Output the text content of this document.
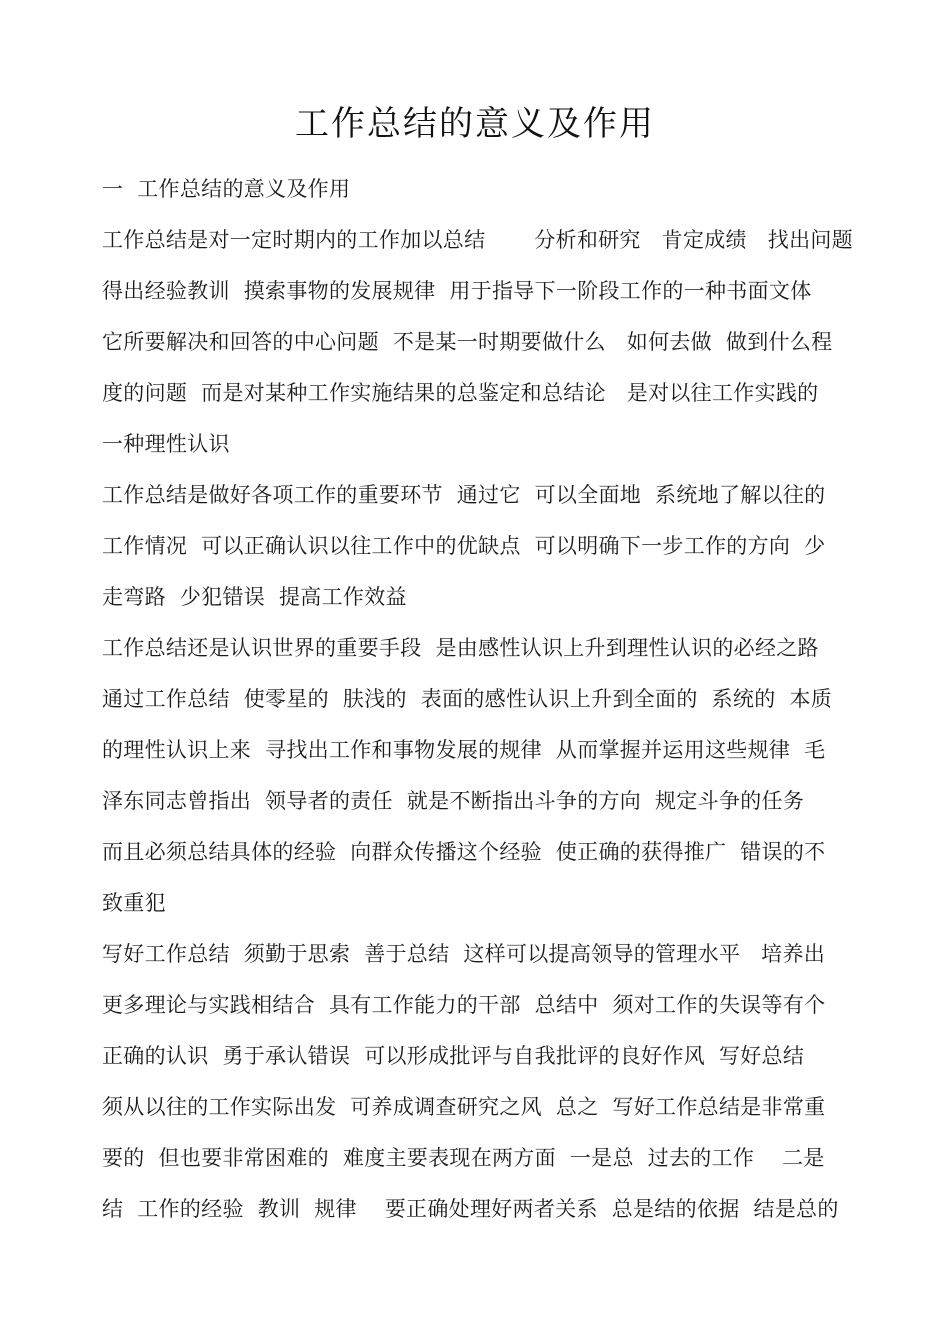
工作总结的意义及作用
一  工作总结的意义及作用
工作总结是对一定时期内的工作加以总结       分析和研究   肯定成绩   找出问题
得出经验教训  摸索事物的发展规律  用于指导下一阶段工作的一种书面文体
它所要解决和回答的中心问题  不是某一时期要做什么   如何去做  做到什么程
度的问题  而是对某种工作实施结果的总鉴定和总结论   是对以往工作实践的
一种理性认识
工作总结是做好各项工作的重要环节  通过它  可以全面地  系统地了解以往的
工作情况  可以正确认识以往工作中的优缺点  可以明确下一步工作的方向  少
走弯路  少犯错误  提高工作效益
工作总结还是认识世界的重要手段  是由感性认识上升到理性认识的必经之路
通过工作总结  使零星的  肤浅的  表面的感性认识上升到全面的  系统的  本质
的理性认识上来  寻找出工作和事物发展的规律  从而掌握并运用这些规律  毛
泽东同志曾指出  领导者的责任  就是不断指出斗争的方向  规定斗争的任务
而且必须总结具体的经验  向群众传播这个经验  使正确的获得推广  错误的不
致重犯
写好工作总结  须勤于思索  善于总结  这样可以提高领导的管理水平   培养出
更多理论与实践相结合  具有工作能力的干部  总结中  须对工作的失误等有个
正确的认识  勇于承认错误  可以形成批评与自我批评的良好作风  写好总结
须从以往的工作实际出发  可养成调查研究之风  总之  写好工作总结是非常重
要的  但也要非常困难的  难度主要表现在两方面  一是总  过去的工作    二是
结  工作的经验  教训  规律    要正确处理好两者关系  总是结的依据  结是总的
